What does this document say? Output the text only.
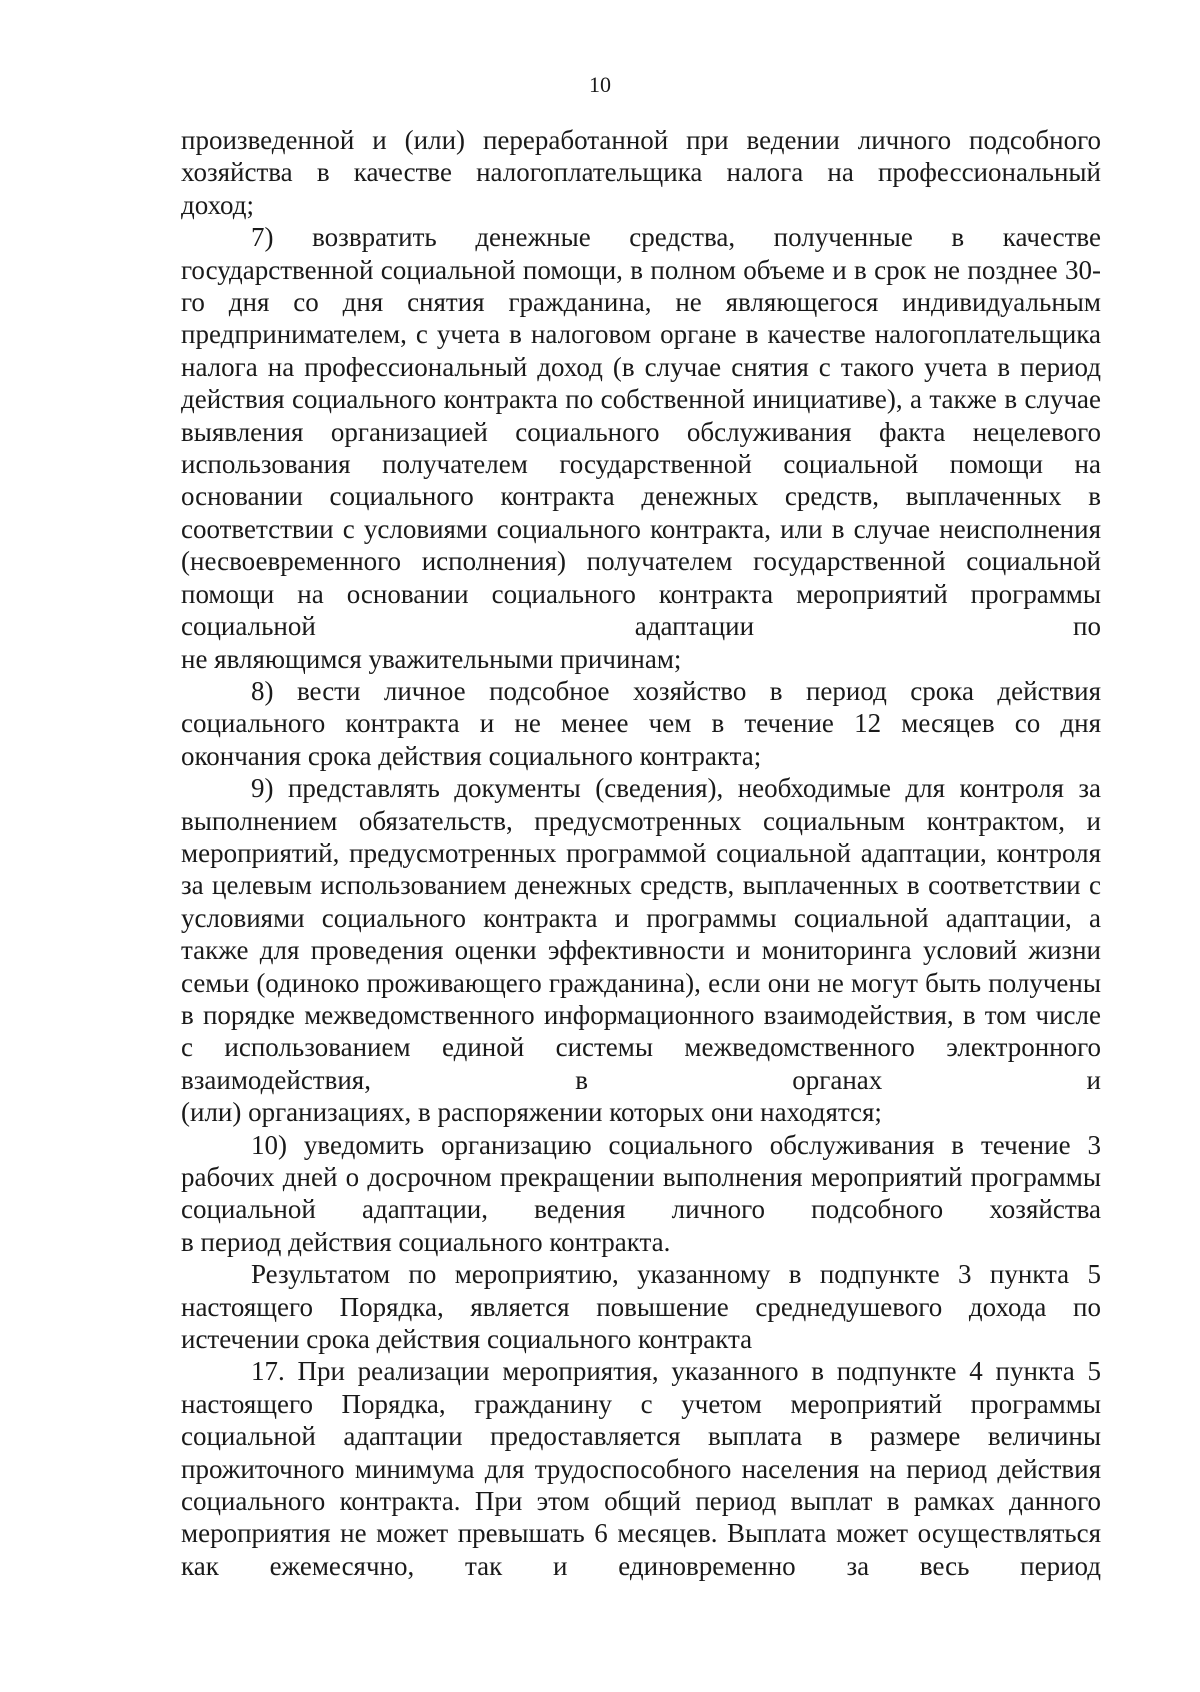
10

произведенной и (или) переработанной при ведении личного подсобного хозяйства в качестве налогоплательщика налога на профессиональный

доход;

7) возвратить денежные средства, полученные в качестве государственной социальной помощи, в полном объеме и в срок не позднее 30-го дня со дня снятия гражданина, не являющегося индивидуальным предпринимателем, с учета в налоговом органе в качестве налогоплательщика налога на профессиональный доход (в случае снятия с такого учета в период действия социального контракта по собственной инициативе), а также в случае выявления организацией социального обслуживания факта нецелевого использования получателем государственной социальной помощи на основании социального контракта денежных средств, выплаченных в соответствии с условиями социального контракта, или в случае неисполнения (несвоевременного исполнения) получателем государственной социальной помощи на основании социального контракта мероприятий программы социальной адаптации по

не являющимся уважительными причинам;

8) вести личное подсобное хозяйство в период срока действия социального контракта и не менее чем в течение 12 месяцев со дня

окончания срока действия социального контракта;

9) представлять документы (сведения), необходимые для контроля за выполнением обязательств, предусмотренных социальным контрактом, и мероприятий, предусмотренных программой социальной адаптации, контроля за целевым использованием денежных средств, выплаченных в соответствии с условиями социального контракта и программы социальной адаптации, а также для проведения оценки эффективности и мониторинга условий жизни семьи (одиноко проживающего гражданина), если они не могут быть получены в порядке межведомственного информационного взаимодействия, в том числе с использованием единой системы межведомственного электронного взаимодействия, в органах и

(или) организациях, в распоряжении которых они находятся;

10) уведомить организацию социального обслуживания в течение 3 рабочих дней о досрочном прекращении выполнения мероприятий программы социальной адаптации, ведения личного подсобного хозяйства

в период действия социального контракта.

Результатом по мероприятию, указанному в подпункте 3 пункта 5 настоящего Порядка, является повышение среднедушевого дохода по

истечении срока действия социального контракта

17. При реализации мероприятия, указанного в подпункте 4 пункта 5 настоящего Порядка, гражданину с учетом мероприятий программы социальной адаптации предоставляется выплата в размере величины прожиточного минимума для трудоспособного населения на период действия социального контракта. При этом общий период выплат в рамках данного мероприятия не может превышать 6 месяцев. Выплата может осуществляться как ежемесячно, так и единовременно за весь период
